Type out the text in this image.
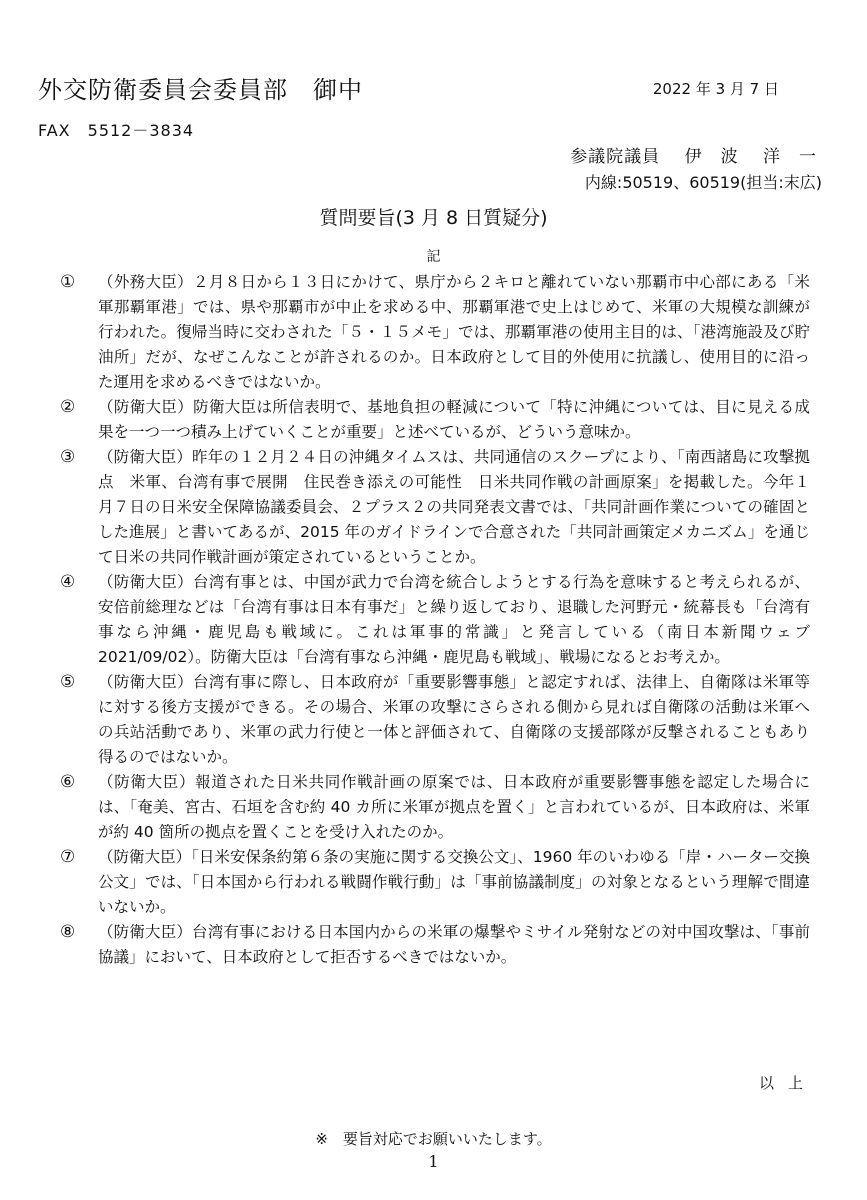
外交防衛委員会委員部　御中	2022 年 3 月 7 日
FAX　5512－3834
参議院議員　 伊　波　 洋　一
内線:50519、60519(担当:末広)
質問要旨(3 月 8 日質疑分)
記
①	（外務大臣）２月８日から１３日にかけて、県庁から２キロと離れていない那覇市中心部にある「米軍那覇軍港」では、県や那覇市が中止を求める中、那覇軍港で史上はじめて、米軍の大規模な訓練が行われた。復帰当時に交わされた「５・１５メモ」では、那覇軍港の使用主目的は、「港湾施設及び貯油所」だが、なぜこんなことが許されるのか。日本政府として目的外使用に抗議し、使用目的に沿った運用を求めるべきではないか。
②	（防衛大臣）防衛大臣は所信表明で、基地負担の軽減について「特に沖縄については、目に見える成果を一つ一つ積み上げていくことが重要」と述べているが、どういう意味か。
③	（防衛大臣）昨年の１２月２４日の沖縄タイムスは、共同通信のスクープにより、「南西諸島に攻撃拠点　米軍、台湾有事で展開　住民巻き添えの可能性　日米共同作戦の計画原案」を掲載した。今年１月７日の日米安全保障協議委員会、２プラス２の共同発表文書では、「共同計画作業についての確固とした進展」と書いてあるが、2015 年のガイドラインで合意された「共同計画策定メカニズム」を通じて日米の共同作戦計画が策定されているということか。
④	（防衛大臣）台湾有事とは、中国が武力で台湾を統合しようとする行為を意味すると考えられるが、安倍前総理などは「台湾有事は日本有事だ」と繰り返しており、退職した河野元・統幕長も「台湾有事なら沖縄・鹿児島も戦域に。これは軍事的常識」と発言している（南日本新聞ウェブ 2021/09/02）。防衛大臣は「台湾有事なら沖縄・鹿児島も戦域」、戦場になるとお考えか。
⑤	（防衛大臣）台湾有事に際し、日本政府が「重要影響事態」と認定すれば、法律上、自衛隊は米軍等に対する後方支援ができる。その場合、米軍の攻撃にさらされる側から見れば自衛隊の活動は米軍への兵站活動であり、米軍の武力行使と一体と評価されて、自衛隊の支援部隊が反撃されることもあり得るのではないか。
⑥	（防衛大臣）報道された日米共同作戦計画の原案では、日本政府が重要影響事態を認定した場合には、「奄美、宮古、石垣を含む約 40 カ所に米軍が拠点を置く」と言われているが、日本政府は、米軍が約 40 箇所の拠点を置くことを受け入れたのか。
⑦	（防衛大臣）「日米安保条約第６条の実施に関する交換公文」、1960 年のいわゆる「岸・ハーター交換公文」では、「日本国から行われる戦闘作戦行動」は「事前協議制度」の対象となるという理解で間違いないか。
⑧	（防衛大臣）台湾有事における日本国内からの米軍の爆撃やミサイル発射などの対中国攻撃は、「事前協議」において、日本政府として拒否するべきではないか。
以上
※　要旨対応でお願いいたします。
1
